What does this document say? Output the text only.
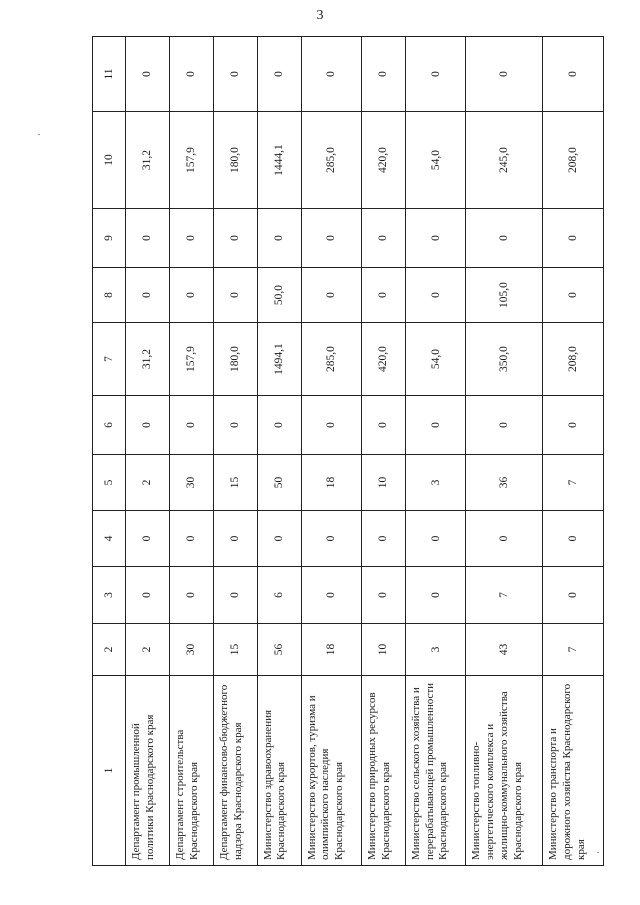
3
1	2	3	4	5	6	7	8	9	10	11
Департамент промышленной политики Краснодарского края	2	0	0	2	0	31,2	0	0	31,2	0
Департамент строительства Краснодарского края	30	0	0	30	0	157,9	0	0	157,9	0
Департамент финансово-бюджетного надзора Краснодарского края	15	0	0	15	0	180,0	0	0	180,0	0
Министерство здравоохранения Краснодарского края	56	6	0	50	0	1494,1	50,0	0	1444,1	0
Министерство курортов, туризма и олимпийского наследия Краснодарского края	18	0	0	18	0	285,0	0	0	285,0	0
Министерство природных ресурсов Краснодарского края	10	0	0	10	0	420,0	0	0	420,0	0
Министерство сельского хозяйства и перерабатывающей промышленности Краснодарского края	3	0	0	3	0	54,0	0	0	54,0	0
Министерство топливно-энергетического комплекса и жилищно-коммунального хозяйства Краснодарского края	43	7	0	36	0	350,0	105,0	0	245,0	0
Министерство транспорта и дорожного хозяйства Краснодарского края	7	0	0	7	0	208,0	0	0	208,0	0
